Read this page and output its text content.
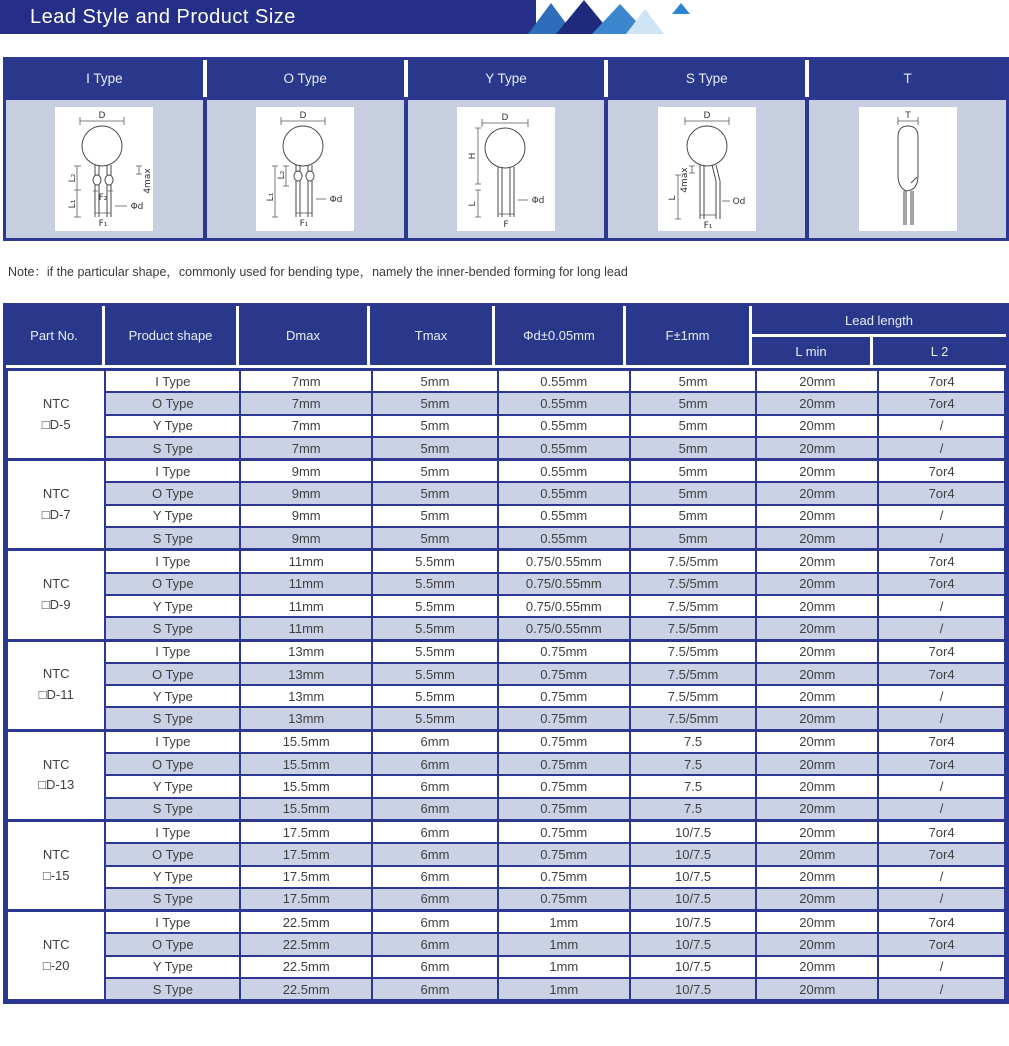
Lead Style and Product Size
I Type	O Type	Y Type	S Type	T
D
F₂
Φd
F₁
L₂
L₁
4max
D
L₂
L₁	Φd
F₁
D
H
L	Φd
F
D
4max
L	Od
F₁
T
Note：if the particular shape，commonly used for bending type，namely the inner-bended forming for long lead
Part No.	Product shape	Dmax	Tmax	Φd±0.05mm	F±1mm
Lead length
L min	L 2
NTC
□D-5	I Type	7mm	5mm	0.55mm	5mm	20mm	7or4
	O Type	7mm	5mm	0.55mm	5mm	20mm	7or4
	Y Type	7mm	5mm	0.55mm	5mm	20mm	/
	S Type	7mm	5mm	0.55mm	5mm	20mm	/

NTC
□D-7	I Type	9mm	5mm	0.55mm	5mm	20mm	7or4
	O Type	9mm	5mm	0.55mm	5mm	20mm	7or4
	Y Type	9mm	5mm	0.55mm	5mm	20mm	/
	S Type	9mm	5mm	0.55mm	5mm	20mm	/

NTC
□D-9	I Type	11mm	5.5mm	0.75/0.55mm	7.5/5mm	20mm	7or4
	O Type	11mm	5.5mm	0.75/0.55mm	7.5/5mm	20mm	7or4
	Y Type	11mm	5.5mm	0.75/0.55mm	7.5/5mm	20mm	/
	S Type	11mm	5.5mm	0.75/0.55mm	7.5/5mm	20mm	/

NTC
□D-11	I Type	13mm	5.5mm	0.75mm	7.5/5mm	20mm	7or4
	O Type	13mm	5.5mm	0.75mm	7.5/5mm	20mm	7or4
	Y Type	13mm	5.5mm	0.75mm	7.5/5mm	20mm	/
	S Type	13mm	5.5mm	0.75mm	7.5/5mm	20mm	/

NTC
□D-13	I Type	15.5mm	6mm	0.75mm	7.5	20mm	7or4
	O Type	15.5mm	6mm	0.75mm	7.5	20mm	7or4
	Y Type	15.5mm	6mm	0.75mm	7.5	20mm	/
	S Type	15.5mm	6mm	0.75mm	7.5	20mm	/

NTC
□-15	I Type	17.5mm	6mm	0.75mm	10/7.5	20mm	7or4
	O Type	17.5mm	6mm	0.75mm	10/7.5	20mm	7or4
	Y Type	17.5mm	6mm	0.75mm	10/7.5	20mm	/
	S Type	17.5mm	6mm	0.75mm	10/7.5	20mm	/

NTC
□-20	I Type	22.5mm	6mm	1mm	10/7.5	20mm	7or4
	O Type	22.5mm	6mm	1mm	10/7.5	20mm	7or4
	Y Type	22.5mm	6mm	1mm	10/7.5	20mm	/
	S Type	22.5mm	6mm	1mm	10/7.5	20mm	/
